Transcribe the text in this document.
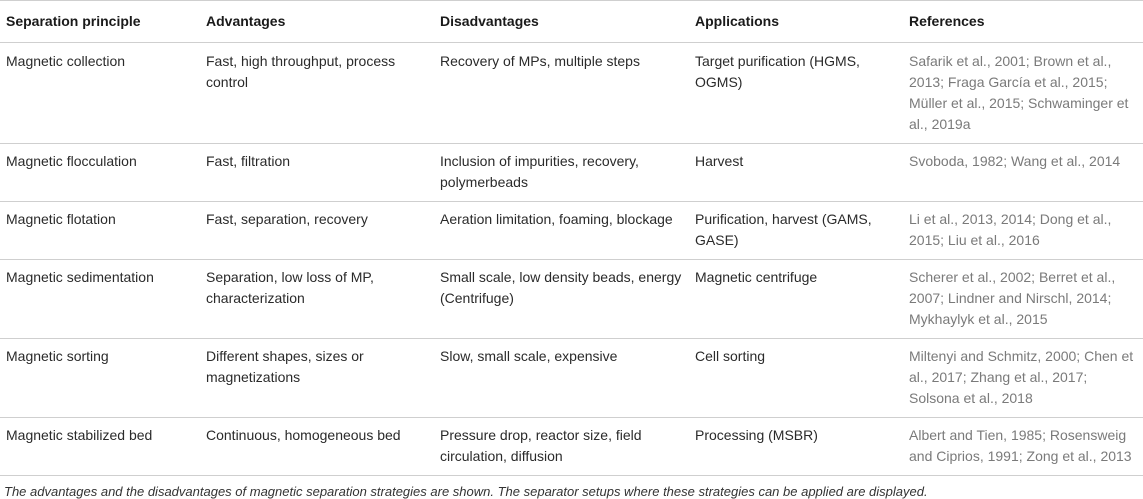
Separation principle	Advantages	Disadvantages	Applications	References
Magnetic collection	Fast, high throughput, process control	Recovery of MPs, multiple steps	Target purification (HGMS, OGMS)	Safarik et al., 2001; Brown et al., 2013; Fraga García et al., 2015; Müller et al., 2015; Schwaminger et al., 2019a
Magnetic flocculation	Fast, filtration	Inclusion of impurities, recovery, polymerbeads	Harvest	Svoboda, 1982; Wang et al., 2014
Magnetic flotation	Fast, separation, recovery	Aeration limitation, foaming, blockage	Purification, harvest (GAMS, GASE)	Li et al., 2013, 2014; Dong et al., 2015; Liu et al., 2016
Magnetic sedimentation	Separation, low loss of MP, characterization	Small scale, low density beads, energy (Centrifuge)	Magnetic centrifuge	Scherer et al., 2002; Berret et al., 2007; Lindner and Nirschl, 2014; Mykhaylyk et al., 2015
Magnetic sorting	Different shapes, sizes or magnetizations	Slow, small scale, expensive	Cell sorting	Miltenyi and Schmitz, 2000; Chen et al., 2017; Zhang et al., 2017; Solsona et al., 2018
Magnetic stabilized bed	Continuous, homogeneous bed	Pressure drop, reactor size, field circulation, diffusion	Processing (MSBR)	Albert and Tien, 1985; Rosensweig and Ciprios, 1991; Zong et al., 2013
The advantages and the disadvantages of magnetic separation strategies are shown. The separator setups where these strategies can be applied are displayed.
